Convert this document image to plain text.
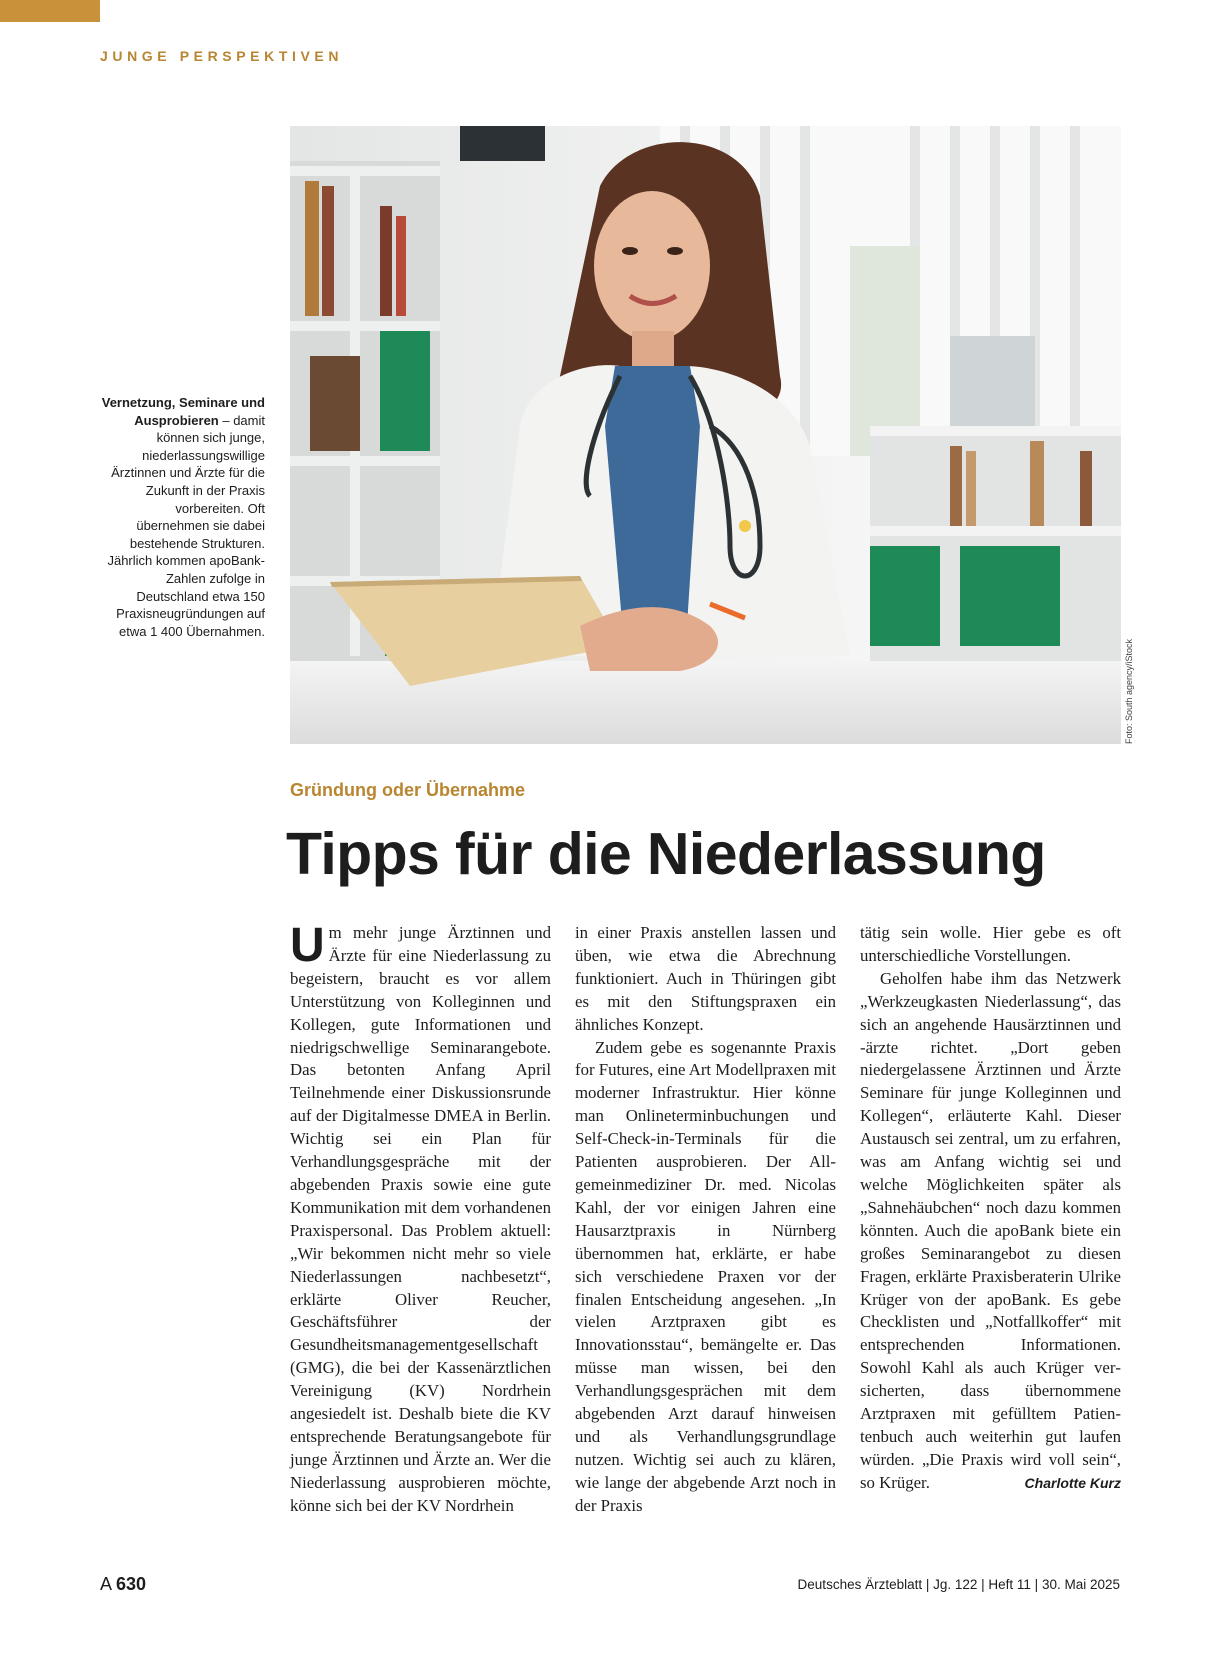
JUNGE PERSPEKTIVEN
Vernetzung, Seminare und Ausprobieren – damit können sich junge, niederlassungswillige Ärztinnen und Ärzte für die Zukunft in der Praxis vorbereiten. Oft übernehmen sie dabei bestehende Strukturen. Jährlich kommen apoBank-Zahlen zufolge in Deutschland etwa 150 Praxisneugründungen auf etwa 1 400 Übernahmen.
Foto: South agency/iStock
Gründung oder Übernahme
Tipps für die Niederlassung

Um mehr junge Ärztinnen und Ärzte für eine Niederlassung zu begeistern, braucht es vor allem Unterstützung von Kolleginnen und Kollegen, gute Informationen und niedrigschwellige Seminarangebote. Das betonten Anfang April Teilnehmende einer Diskussionsrunde auf der Digitalmesse DMEA in Berlin. Wichtig sei ein Plan für Verhandlungsgespräche mit der abgebenden Praxis sowie eine gute Kommunikation mit dem vorhandenen Praxispersonal. Das Problem aktuell: „Wir bekommen nicht mehr so viele Niederlassungen nachbesetzt“, erklärte Oliver Reucher, Geschäftsführer der Gesundheitsmanagementgesellschaft (GMG), die bei der Kassenärztlichen Vereinigung (KV) Nordrhein angesiedelt ist. Deshalb biete die KV entsprechende Beratungsangebote für junge Ärztinnen und Ärzte an. Wer die Niederlassung ausprobieren möchte, könne sich bei der KV Nordrhein

in einer Praxis anstellen lassen und üben, wie etwa die Abrechnung funktioniert. Auch in Thüringen gibt es mit den Stiftungspraxen ein ähnliches Konzept.

Zudem gebe es sogenannte Praxis for Futures, eine Art Modellpraxen mit moderner Infrastruktur. Hier könne man Onlineterminbuchungen und Self-Check-in-Terminals für die Patienten ausprobieren. Der Allgemeinmediziner Dr. med. Nicolas Kahl, der vor einigen Jahren eine Hausarztpraxis in Nürnberg übernommen hat, erklärte, er habe sich verschiedene Praxen vor der finalen Entscheidung angesehen. „In vielen Arztpraxen gibt es Innovationsstau“, bemängelte er. Das müsse man wissen, bei den Verhandlungsgesprächen mit dem abgebenden Arzt darauf hinweisen und als Verhandlungsgrundlage nutzen. Wichtig sei auch zu klären, wie lange der abgebende Arzt noch in der Praxis

tätig sein wolle. Hier gebe es oft unterschiedliche Vorstellungen.

Geholfen habe ihm das Netzwerk „Werkzeugkasten Niederlassung“, das sich an angehende Hausärztinnen und -ärzte richtet. „Dort geben niedergelassene Ärztinnen und Ärzte Seminare für junge Kolleginnen und Kollegen“, erläuterte Kahl. Dieser Austausch sei zentral, um zu erfahren, was am Anfang wichtig sei und welche Möglichkeiten später als „Sahnehäubchen“ noch dazu kommen könnten. Auch die apoBank biete ein großes Seminarangebot zu diesen Fragen, erklärte Praxisberaterin Ulrike Krüger von der apoBank. Es gebe Checklisten und „Notfallkoffer“ mit entsprechenden Informationen. Sowohl Kahl als auch Krüger versicherten, dass übernommene Arztpraxen mit gefülltem Patientenbuch auch weiterhin gut laufen würden. „Die Praxis wird voll sein“, so Krüger.	Charlotte Kurz

A 630	Deutsches Ärzteblatt | Jg. 122 | Heft 11 | 30. Mai 2025
